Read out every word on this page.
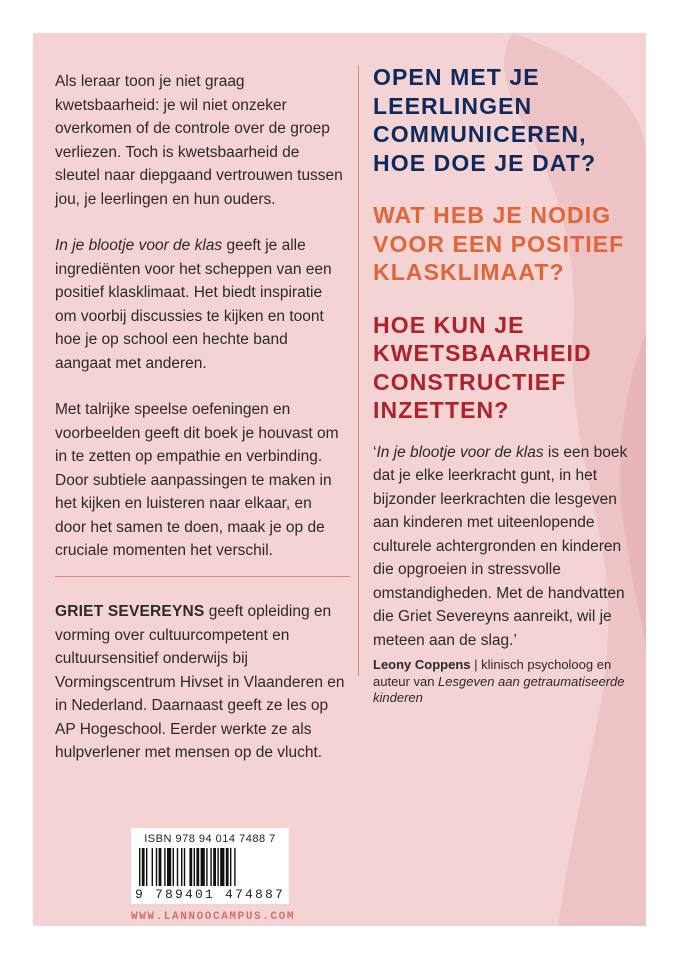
Als leraar toon je niet graag kwetsbaarheid: je wil niet onzeker overkomen of de controle over de groep verliezen. Toch is kwetsbaarheid de sleutel naar diepgaand vertrouwen tussen jou, je leerlingen en hun ouders.

In je blootje voor de klas geeft je alle ingrediënten voor het scheppen van een positief klasklimaat. Het biedt inspiratie om voorbij discussies te kijken en toont hoe je op school een hechte band aangaat met anderen.

Met talrijke speelse oefeningen en voorbeelden geeft dit boek je houvast om in te zetten op empathie en verbinding. Door subtiele aanpassingen te maken in het kijken en luisteren naar elkaar, en door het samen te doen, maak je op de cruciale momenten het verschil.

GRIET SEVEREYNS geeft opleiding en vorming over cultuurcompetent en cultuursensitief onderwijs bij Vormingscentrum Hivset in Vlaanderen en in Nederland. Daarnaast geeft ze les op AP Hogeschool. Eerder werkte ze als hulpverlener met mensen op de vlucht.

OPEN MET JE LEERLINGEN COMMUNICEREN, HOE DOE JE DAT?
WAT HEB JE NODIG VOOR EEN POSITIEF KLASKLIMAAT?
HOE KUN JE KWETSBAARHEID CONSTRUCTIEF INZETTEN?

‘In je blootje voor de klas is een boek dat je elke leerkracht gunt, in het bijzonder leerkrachten die lesgeven aan kinderen met uiteenlopende culturele achtergronden en kinderen die opgroeien in stressvolle omstandigheden. Met de handvatten die Griet Severeyns aanreikt, wil je meteen aan de slag.’

Leony Coppens | klinisch psycholoog en auteur van Lesgeven aan getraumatiseerde kinderen

ISBN 978 94 014 7488 7
9 789401 474887
WWW.LANNOOCAMPUS.COM
